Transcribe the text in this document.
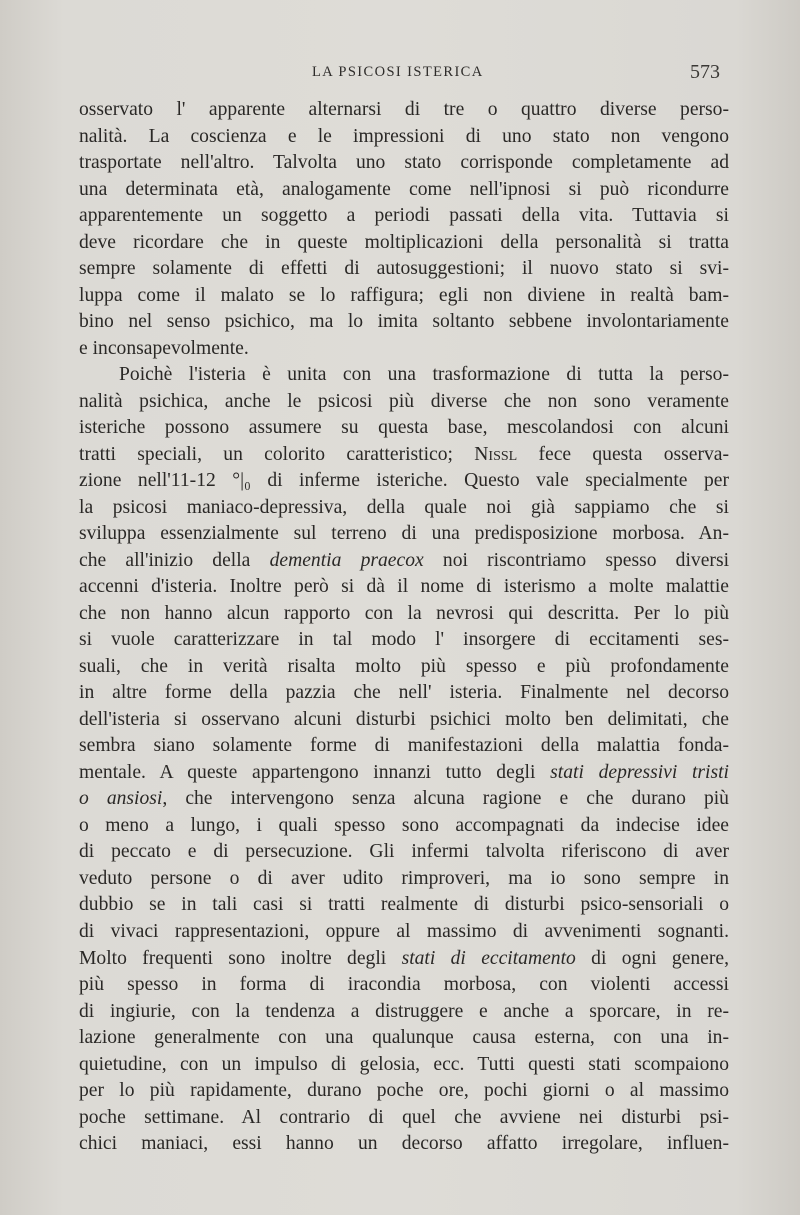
LA PSICOSI ISTERICA	573
osservato l' apparente alternarsi di tre o quattro diverse perso-
nalità. La coscienza e le impressioni di uno stato non vengono
trasportate nell'altro. Talvolta uno stato corrisponde completamente ad
una determinata età, analogamente come nell'ipnosi si può ricondurre
apparentemente un soggetto a periodi passati della vita. Tuttavia si
deve ricordare che in queste moltiplicazioni della personalità si tratta
sempre solamente di effetti di autosuggestioni; il nuovo stato si svi-
luppa come il malato se lo raffigura; egli non diviene in realtà bam-
bino nel senso psichico, ma lo imita soltanto sebbene involontariamente
e inconsapevolmente.
Poichè l'isteria è unita con una trasformazione di tutta la perso-
nalità psichica, anche le psicosi più diverse che non sono veramente
isteriche possono assumere su questa base, mescolandosi con alcuni
tratti speciali, un colorito caratteristico; Nissl fece questa osserva-
zione nell'11-12 °|₀ di inferme isteriche. Questo vale specialmente per
la psicosi maniaco-depressiva, della quale noi già sappiamo che si
sviluppa essenzialmente sul terreno di una predisposizione morbosa. An-
che all'inizio della dementia praecox noi riscontriamo spesso diversi
accenni d'isteria. Inoltre però si dà il nome di isterismo a molte malattie
che non hanno alcun rapporto con la nevrosi qui descritta. Per lo più
si vuole caratterizzare in tal modo l' insorgere di eccitamenti ses-
suali, che in verità risalta molto più spesso e più profondamente
in altre forme della pazzia che nell' isteria. Finalmente nel decorso
dell'isteria si osservano alcuni disturbi psichici molto ben delimitati, che
sembra siano solamente forme di manifestazioni della malattia fonda-
mentale. A queste appartengono innanzi tutto degli stati depressivi tristi
o ansiosi, che intervengono senza alcuna ragione e che durano più
o meno a lungo, i quali spesso sono accompagnati da indecise idee
di peccato e di persecuzione. Gli infermi talvolta riferiscono di aver
veduto persone o di aver udito rimproveri, ma io sono sempre in
dubbio se in tali casi si tratti realmente di disturbi psico-sensoriali o
di vivaci rappresentazioni, oppure al massimo di avvenimenti sognanti.
Molto frequenti sono inoltre degli stati di eccitamento di ogni genere,
più spesso in forma di iracondia morbosa, con violenti accessi
di ingiurie, con la tendenza a distruggere e anche a sporcare, in re-
lazione generalmente con una qualunque causa esterna, con una in-
quietudine, con un impulso di gelosia, ecc. Tutti questi stati scompaiono
per lo più rapidamente, durano poche ore, pochi giorni o al massimo
poche settimane. Al contrario di quel che avviene nei disturbi psi-
chici maniaci, essi hanno un decorso affatto irregolare, influen-
